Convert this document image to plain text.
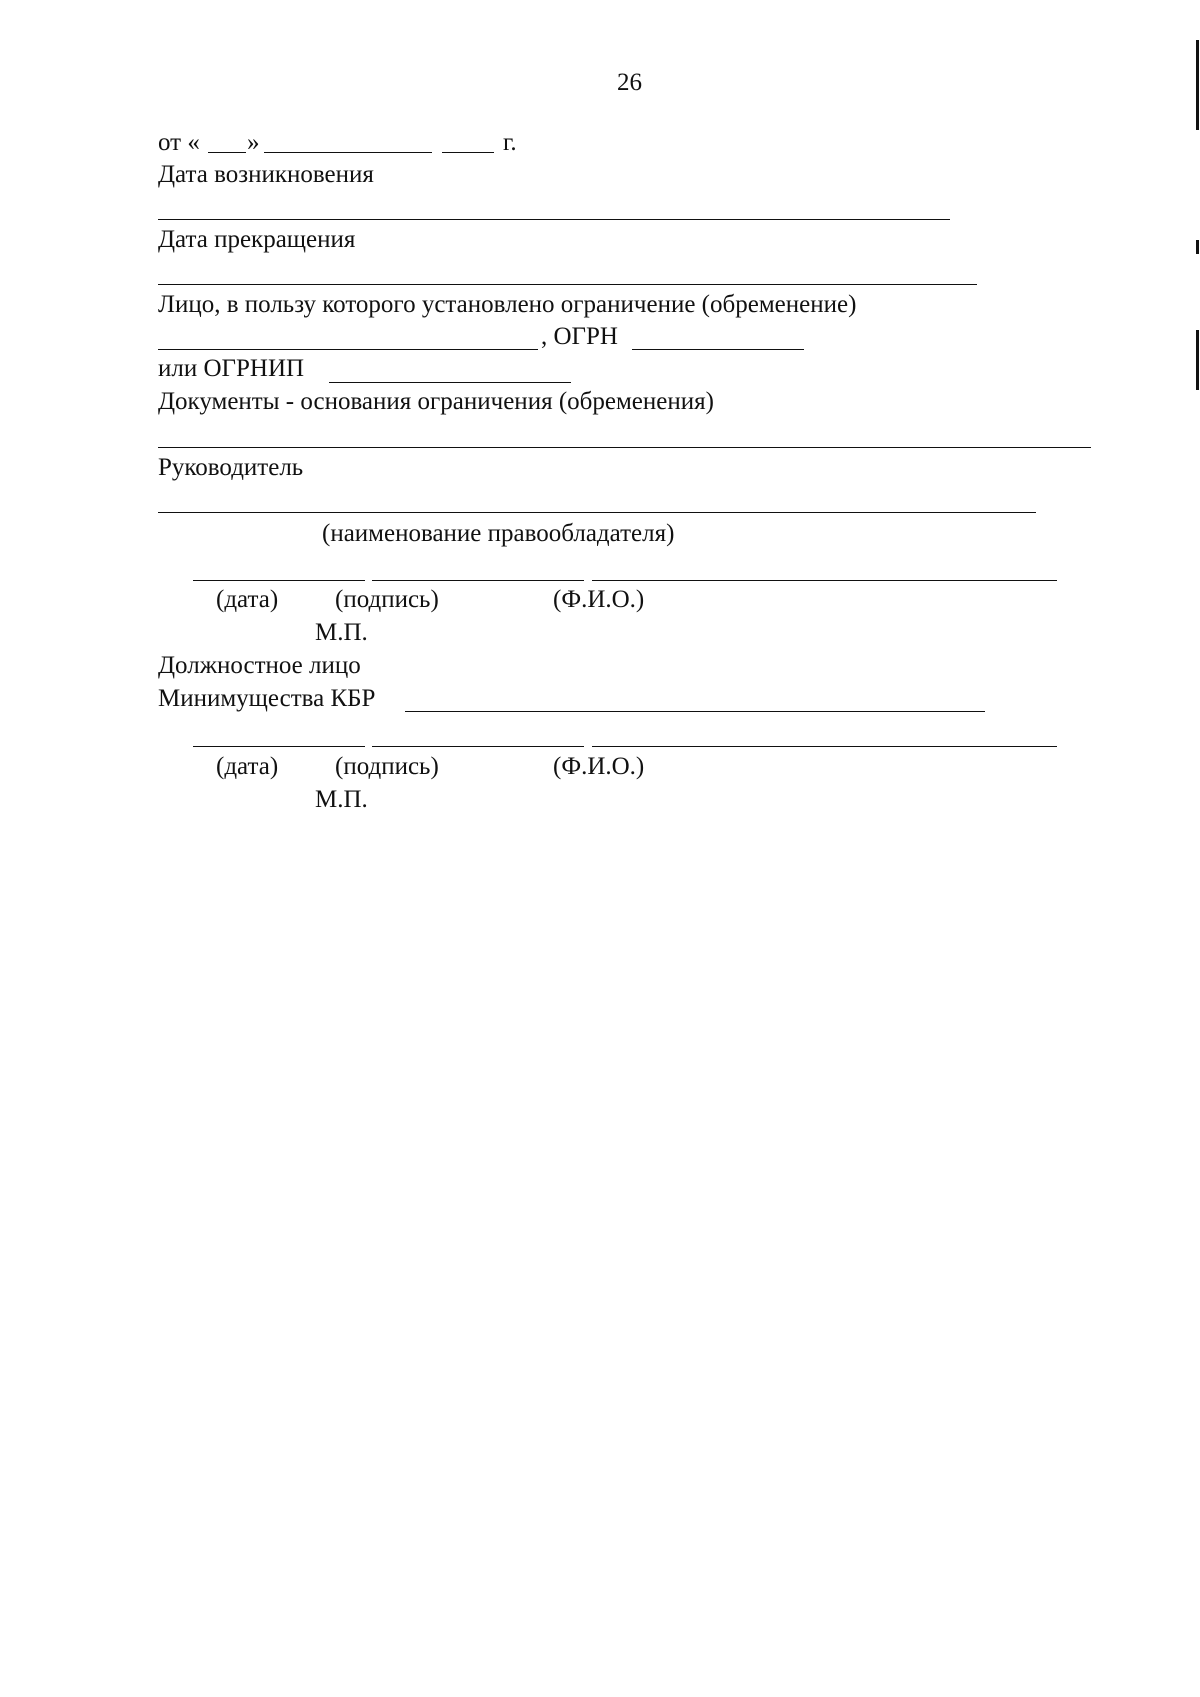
26
от « »	г.
Дата возникновения
Дата прекращения
Лицо, в пользу которого установлено ограничение (обременение)
, ОГРН
или ОГРНИП
Документы - основания ограничения (обременения)
Руководитель
(наименование правообладателя)
(дата) (подпись)	(Ф.И.О.)
М.П.
Должностное лицо
Минимущества КБР
(дата) (подпись)	(Ф.И.О.)
М.П.
